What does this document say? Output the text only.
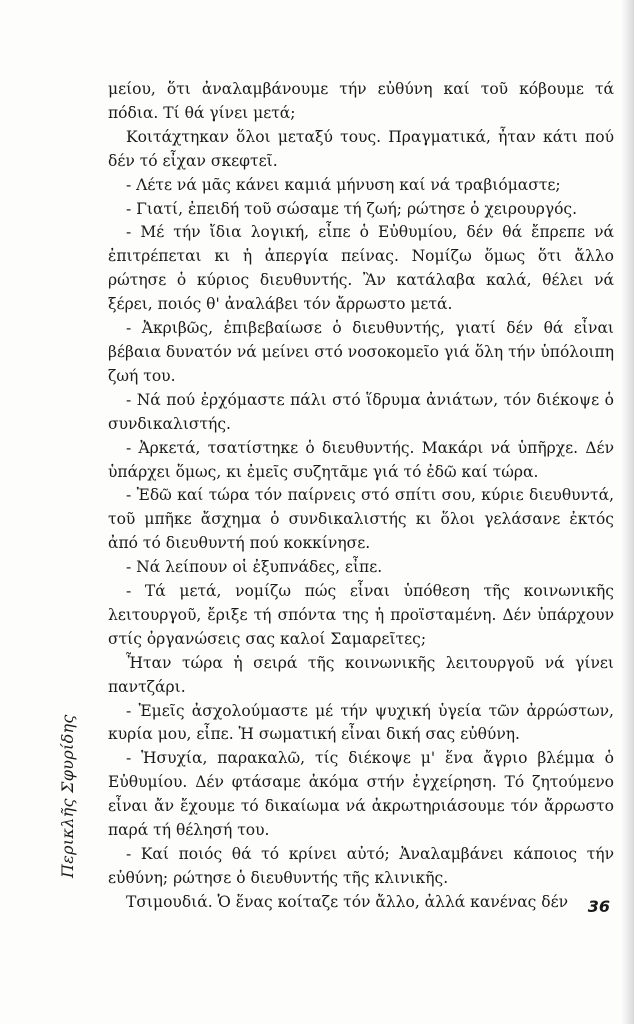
μείου, ὅτι ἀναλαμβάνουμε τήν εὐθύνη καί τοῦ κόβουμε τά πόδια. Τί θά γίνει μετά;

Κοιτάχτηκαν ὅλοι μεταξύ τους. Πραγματικά, ἦταν κάτι πού δέν τό εἶχαν σκεφτεῖ.

- Λέτε νά μᾶς κάνει καμιά μήνυση καί νά τραβιόμαστε;

- Γιατί, ἐπειδή τοῦ σώσαμε τή ζωή; ρώτησε ὁ χειρουργός.

- Μέ τήν ἴδια λογική, εἶπε ὁ Εὐθυμίου, δέν θά ἔπρεπε νά ἐπιτρέπεται κι ἡ ἀπεργία πείνας. Νομίζω ὅμως ὅτι ἄλλο ρώτησε ὁ κύριος διευθυντής. Ἂν κατάλαβα καλά, θέλει νά ξέρει, ποιός θ' ἀναλάβει τόν ἄρρωστο μετά.

- Ἀκριβῶς, ἐπιβεβαίωσε ὁ διευθυντής, γιατί δέν θά εἶναι βέβαια δυνατόν νά μείνει στό νοσοκομεῖο γιά ὅλη τήν ὑπόλοιπη ζωή του.

- Νά πού ἐρχόμαστε πάλι στό ἵδρυμα ἀνιάτων, τόν διέκοψε ὁ συνδικαλιστής.

- Ἀρκετά, τσατίστηκε ὁ διευθυντής. Μακάρι νά ὑπῆρχε. Δέν ὑπάρχει ὅμως, κι ἐμεῖς συζητᾶμε γιά τό ἐδῶ καί τώρα.

- Ἐδῶ καί τώρα τόν παίρνεις στό σπίτι σου, κύριε διευθυντά, τοῦ μπῆκε ἄσχημα ὁ συνδικαλιστής κι ὅλοι γελάσανε ἐκτός ἀπό τό διευθυντή πού κοκκίνησε.

- Νά λείπουν οἱ ἐξυπνάδες, εἶπε.

- Τά μετά, νομίζω πώς εἶναι ὑπόθεση τῆς κοινωνικῆς λειτουργοῦ, ἔριξε τή σπόντα της ἡ προϊσταμένη. Δέν ὑπάρχουν στίς ὀργανώσεις σας καλοί Σαμαρεῖτες;

Ἦταν τώρα ἡ σειρά τῆς κοινωνικῆς λειτουργοῦ νά γίνει παντζάρι.

- Ἐμεῖς ἀσχολούμαστε μέ τήν ψυχική ὑγεία τῶν ἀρρώστων, κυρία μου, εἶπε. Ἡ σωματική εἶναι δική σας εὐθύνη.

- Ἡσυχία, παρακαλῶ, τίς διέκοψε μ' ἕνα ἄγριο βλέμμα ὁ Εὐθυμίου. Δέν φτάσαμε ἀκόμα στήν ἐγχείρηση. Τό ζητούμενο εἶναι ἄν ἔχουμε τό δικαίωμα νά ἀκρωτηριάσουμε τόν ἄρρωστο παρά τή θέλησή του.

- Καί ποιός θά τό κρίνει αὐτό; Ἀναλαμβάνει κάποιος τήν εὐθύνη; ρώτησε ὁ διευθυντής τῆς κλινικῆς.

Τσιμουδιά. Ὁ ἕνας κοίταζε τόν ἄλλο, ἀλλά κανένας δέν

Περικλῆς Σφυρίδης
36
